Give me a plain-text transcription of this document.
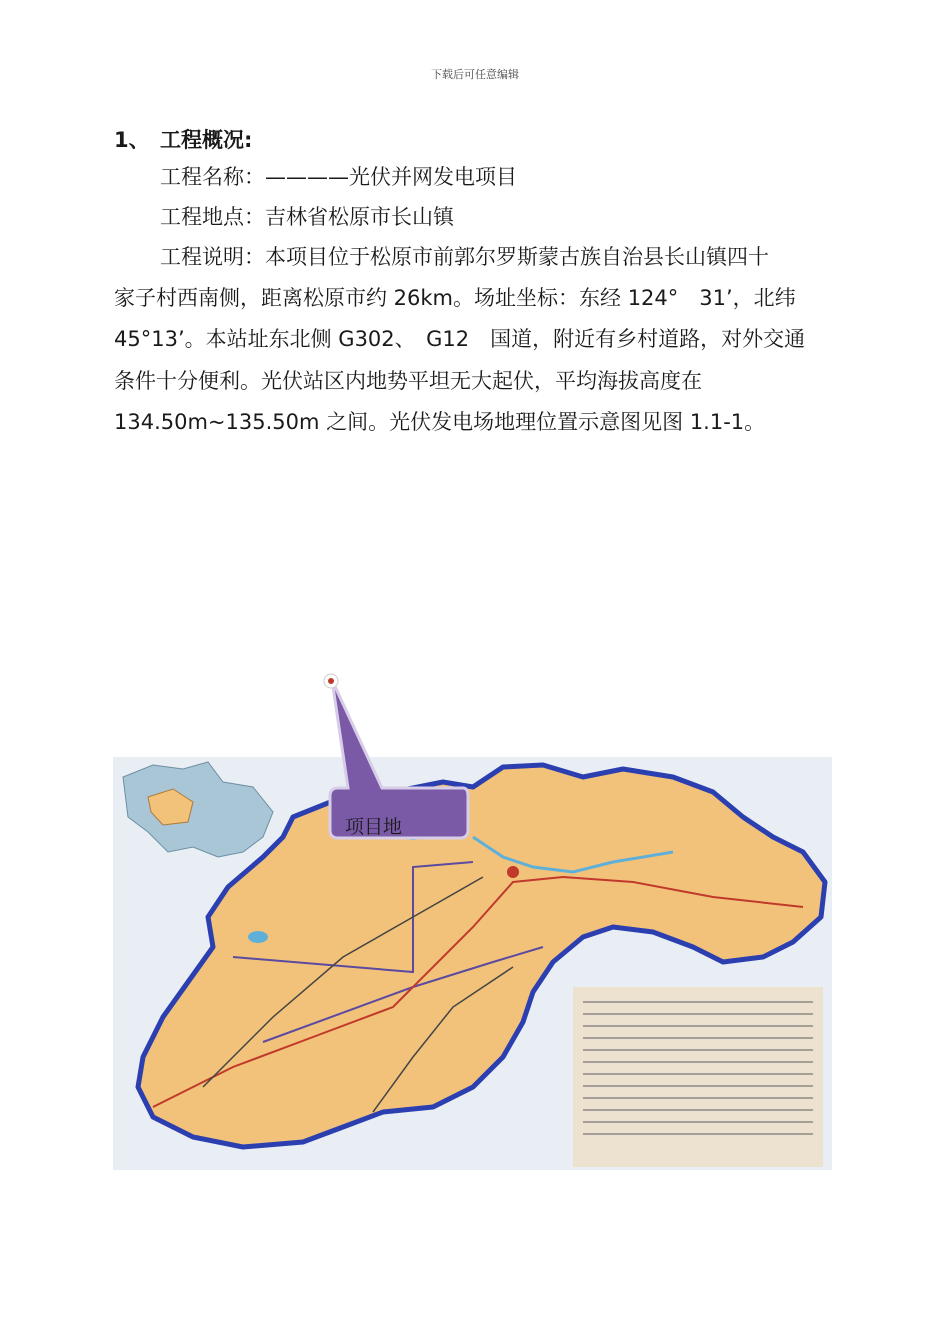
下载后可任意编辑
1、 工程概况:
工程名称：————光伏并网发电项目
工程地点：吉林省松原市长山镇
工程说明：本项目位于松原市前郭尔罗斯蒙古族自治县长山镇四十
家子村西南侧，距离松原市约 26km。场址坐标：东经 124°　31’，北纬
45°13’。本站址东北侧 G302、　G12　国道，附近有乡村道路，对外交通
条件十分便利。光伏站区内地势平坦无大起伏，平均海拔高度在
134.50m~135.50m 之间。光伏发电场地理位置示意图见图 1.1-1。
项目地
